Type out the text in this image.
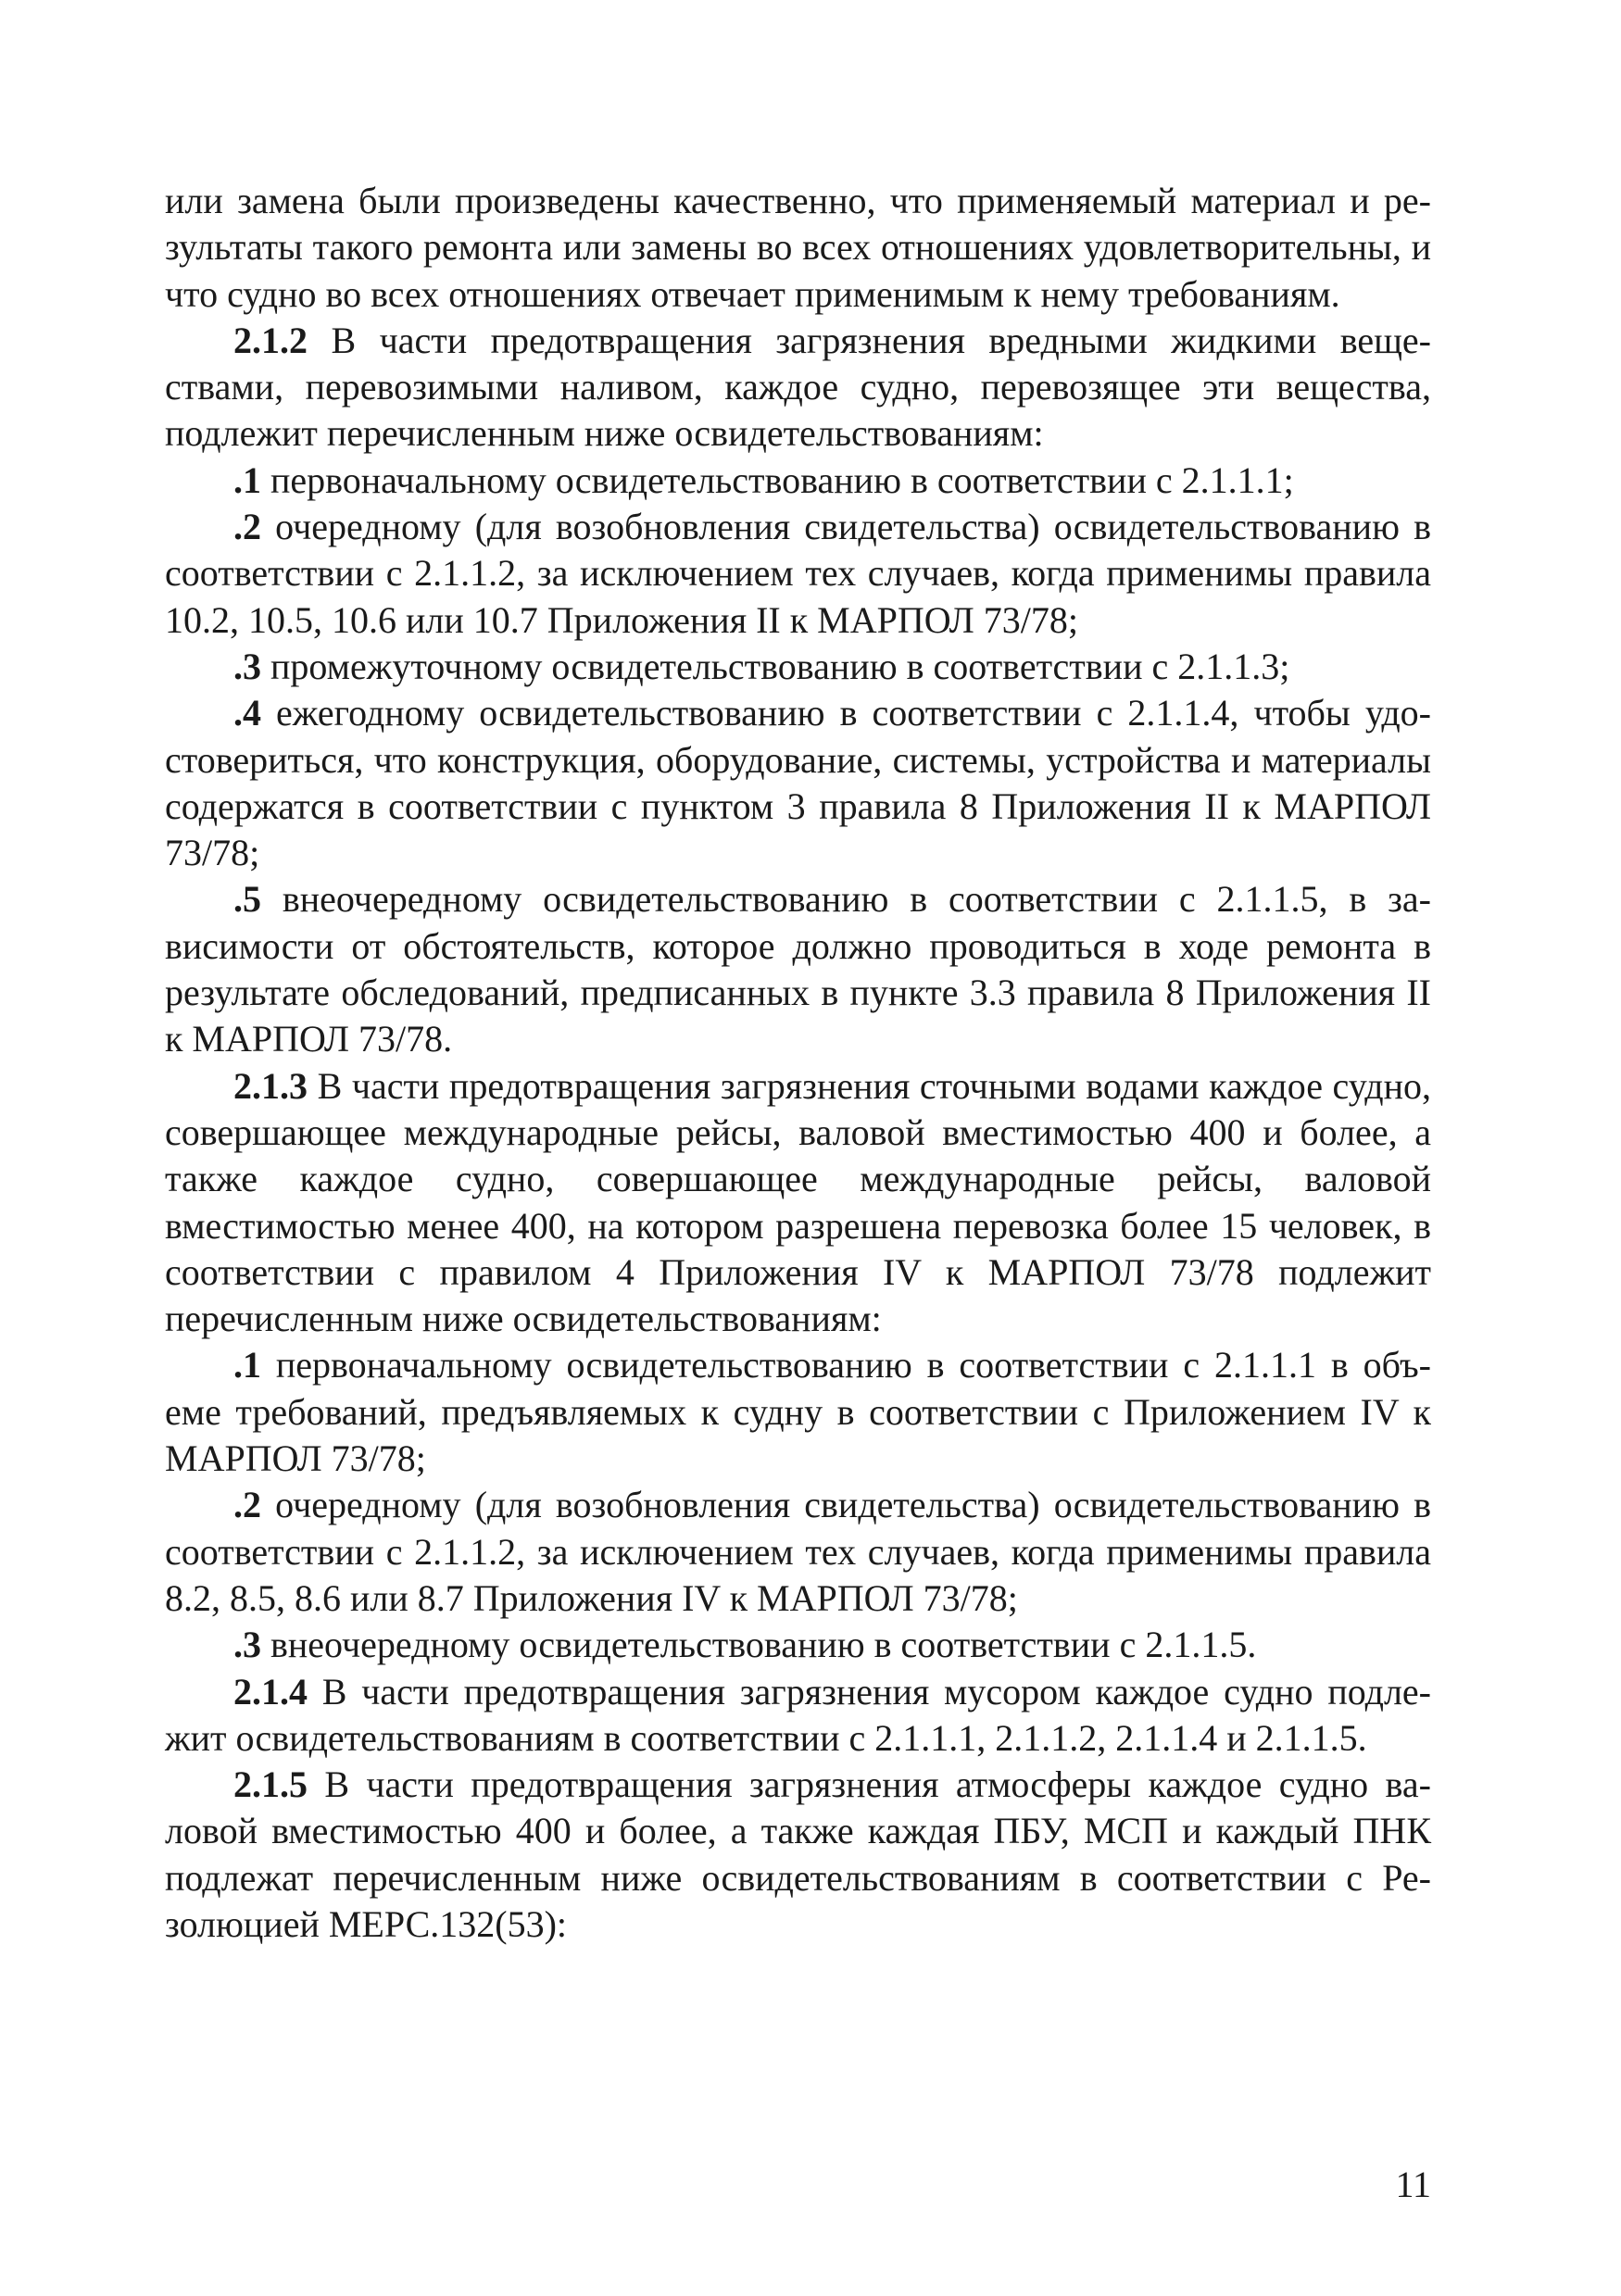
или замена были произведены качественно, что применяемый материал и результаты такого ремонта или замены во всех отношениях удовлетворительны, и что судно во всех отношениях отвечает применимым к нему требованиям.

2.1.2 В части предотвращения загрязнения вредными жидкими веществами, перевозимыми наливом, каждое судно, перевозящее эти вещества, подлежит перечисленным ниже освидетельствованиям:

.1 первоначальному освидетельствованию в соответствии с 2.1.1.1;

.2 очередному (для возобновления свидетельства) освидетельствованию в соответствии с 2.1.1.2, за исключением тех случаев, когда применимы правила 10.2, 10.5, 10.6 или 10.7 Приложения II к МАРПОЛ 73/78;

.3 промежуточному освидетельствованию в соответствии с 2.1.1.3;

.4 ежегодному освидетельствованию в соответствии с 2.1.1.4, чтобы удостовериться, что конструкция, оборудование, системы, устройства и материалы содержатся в соответствии с пунктом 3 правила 8 Приложения II к МАРПОЛ 73/78;

.5 внеочередному освидетельствованию в соответствии с 2.1.1.5, в зависимости от обстоятельств, которое должно проводиться в ходе ремонта в результате обследований, предписанных в пункте 3.3 правила 8 Приложения II к МАРПОЛ 73/78.

2.1.3 В части предотвращения загрязнения сточными водами каждое судно, совершающее международные рейсы, валовой вместимостью 400 и более, а также каждое судно, совершающее международные рейсы, валовой вместимостью менее 400, на котором разрешена перевозка более 15 человек, в соответствии с правилом 4 Приложения IV к МАРПОЛ 73/78 подлежит перечисленным ниже освидетельствованиям:

.1 первоначальному освидетельствованию в соответствии с 2.1.1.1 в объеме требований, предъявляемых к судну в соответствии с Приложением IV к МАРПОЛ 73/78;

.2 очередному (для возобновления свидетельства) освидетельствованию в соответствии с 2.1.1.2, за исключением тех случаев, когда применимы правила 8.2, 8.5, 8.6 или 8.7 Приложения IV к МАРПОЛ 73/78;

.3 внеочередному освидетельствованию в соответствии с 2.1.1.5.

2.1.4 В части предотвращения загрязнения мусором каждое судно подлежит освидетельствованиям в соответствии с 2.1.1.1, 2.1.1.2, 2.1.1.4 и 2.1.1.5.

2.1.5 В части предотвращения загрязнения атмосферы каждое судно валовой вместимостью 400 и более, а также каждая ПБУ, МСП и каждый ПНК подлежат перечисленным ниже освидетельствованиям в соответствии с Резолюцией МЕРС.132(53):

11
